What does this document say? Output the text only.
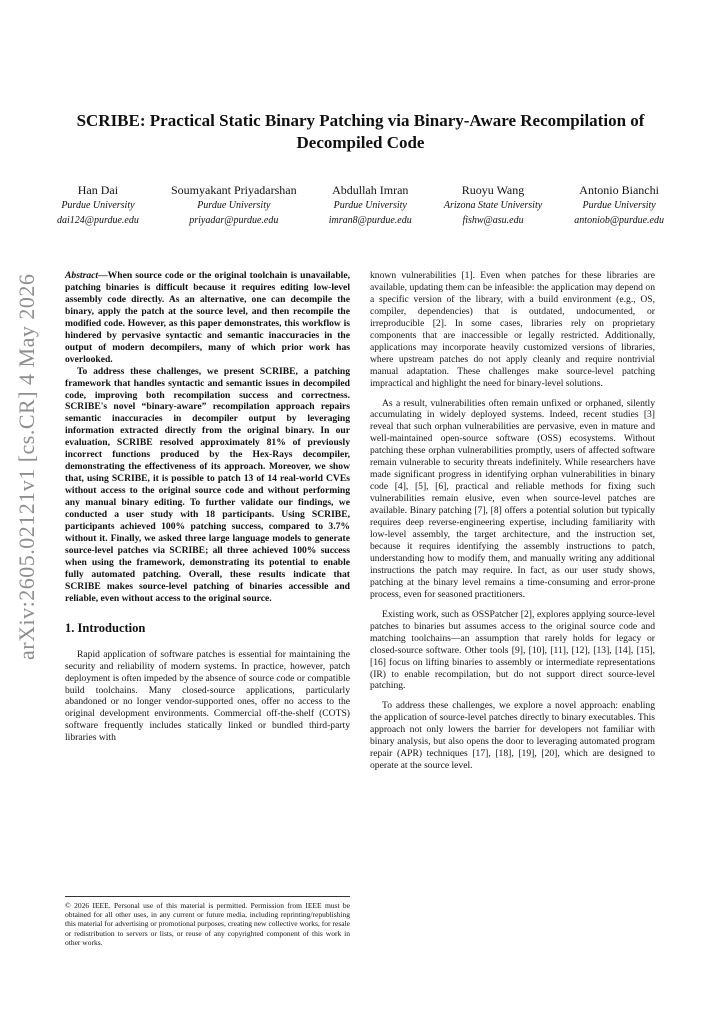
arXiv:2605.02121v1 [cs.CR] 4 May 2026
SCRIBE: Practical Static Binary Patching via Binary-Aware Recompilation of Decompiled Code
Han Dai
Purdue University
dai124@purdue.edu
Soumyakant Priyadarshan
Purdue University
priyadar@purdue.edu
Abdullah Imran
Purdue University
imran8@purdue.edu
Ruoyu Wang
Arizona State University
fishw@asu.edu
Antonio Bianchi
Purdue University
antoniob@purdue.edu

Abstract—When source code or the original toolchain is unavailable, patching binaries is difficult because it requires editing low-level assembly code directly. As an alternative, one can decompile the binary, apply the patch at the source level, and then recompile the modified code. However, as this paper demonstrates, this workflow is hindered by pervasive syntactic and semantic inaccuracies in the output of modern decompilers, many of which prior work has overlooked.

To address these challenges, we present SCRIBE, a patching framework that handles syntactic and semantic issues in decompiled code, improving both recompilation success and correctness. SCRIBE's novel “binary-aware” recompilation approach repairs semantic inaccuracies in decompiler output by leveraging information extracted directly from the original binary. In our evaluation, SCRIBE resolved approximately 81% of previously incorrect functions produced by the Hex-Rays decompiler, demonstrating the effectiveness of its approach. Moreover, we show that, using SCRIBE, it is possible to patch 13 of 14 real-world CVEs without access to the original source code and without performing any manual binary editing. To further validate our findings, we conducted a user study with 18 participants. Using SCRIBE, participants achieved 100% patching success, compared to 3.7% without it. Finally, we asked three large language models to generate source-level patches via SCRIBE; all three achieved 100% success when using the framework, demonstrating its potential to enable fully automated patching. Overall, these results indicate that SCRIBE makes source-level patching of binaries accessible and reliable, even without access to the original source.

1. Introduction

Rapid application of software patches is essential for maintaining the security and reliability of modern systems. In practice, however, patch deployment is often impeded by the absence of source code or compatible build toolchains. Many closed-source applications, particularly abandoned or no longer vendor-supported ones, offer no access to the original development environments. Commercial off-the-shelf (COTS) software frequently includes statically linked or bundled third-party libraries with

© 2026 IEEE. Personal use of this material is permitted. Permission from IEEE must be obtained for all other uses, in any current or future media, including reprinting/republishing this material for advertising or promotional purposes, creating new collective works, for resale or redistribution to servers or lists, or reuse of any copyrighted component of this work in other works.

known vulnerabilities [1]. Even when patches for these libraries are available, updating them can be infeasible: the application may depend on a specific version of the library, with a build environment (e.g., OS, compiler, dependencies) that is outdated, undocumented, or irreproducible [2]. In some cases, libraries rely on proprietary components that are inaccessible or legally restricted. Additionally, applications may incorporate heavily customized versions of libraries, where upstream patches do not apply cleanly and require nontrivial manual adaptation. These challenges make source-level patching impractical and highlight the need for binary-level solutions.

As a result, vulnerabilities often remain unfixed or orphaned, silently accumulating in widely deployed systems. Indeed, recent studies [3] reveal that such orphan vulnerabilities are pervasive, even in mature and well-maintained open-source software (OSS) ecosystems. Without patching these orphan vulnerabilities promptly, users of affected software remain vulnerable to security threats indefinitely. While researchers have made significant progress in identifying orphan vulnerabilities in binary code [4], [5], [6], practical and reliable methods for fixing such vulnerabilities remain elusive, even when source-level patches are available. Binary patching [7], [8] offers a potential solution but typically requires deep reverse-engineering expertise, including familiarity with low-level assembly, the target architecture, and the instruction set, because it requires identifying the assembly instructions to patch, understanding how to modify them, and manually writing any additional instructions the patch may require. In fact, as our user study shows, patching at the binary level remains a time-consuming and error-prone process, even for seasoned practitioners.

Existing work, such as OSSPatcher [2], explores applying source-level patches to binaries but assumes access to the original source code and matching toolchains—an assumption that rarely holds for legacy or closed-source software. Other tools [9], [10], [11], [12], [13], [14], [15], [16] focus on lifting binaries to assembly or intermediate representations (IR) to enable recompilation, but do not support direct source-level patching.

To address these challenges, we explore a novel approach: enabling the application of source-level patches directly to binary executables. This approach not only lowers the barrier for developers not familiar with binary analysis, but also opens the door to leveraging automated program repair (APR) techniques [17], [18], [19], [20], which are designed to operate at the source level.
